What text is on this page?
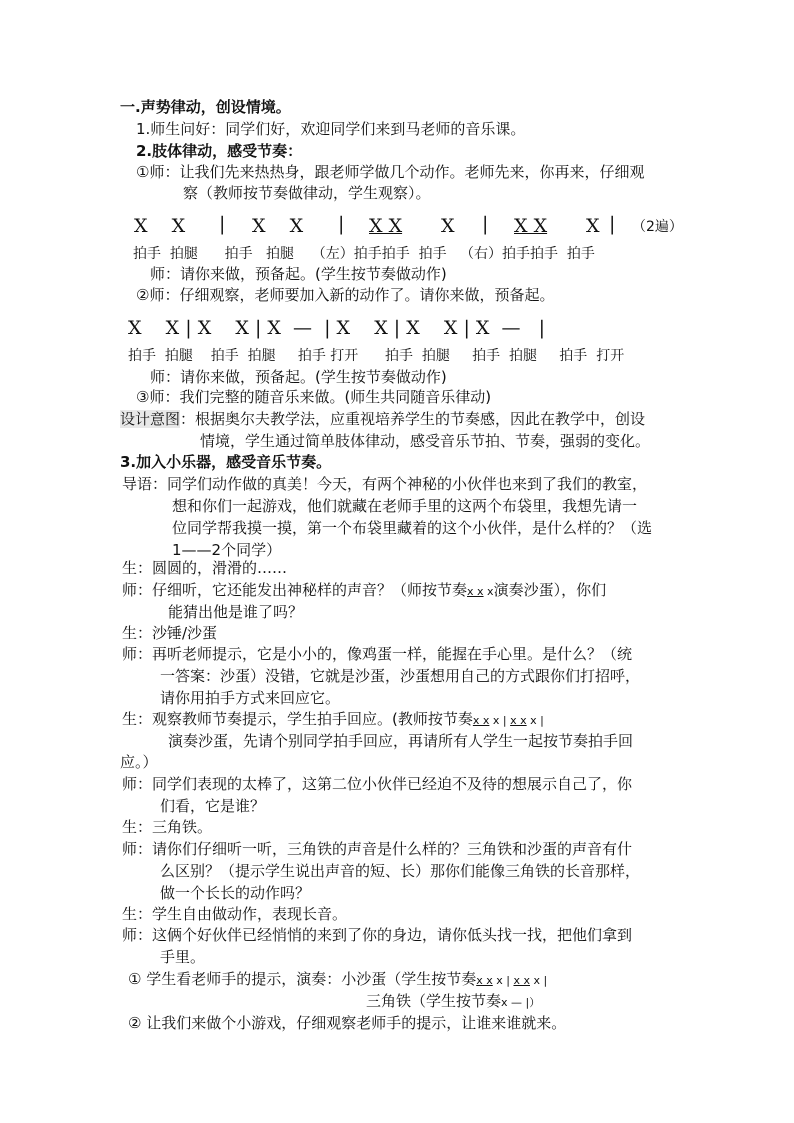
一.声势律动，创设情境。
1.师生问好：同学们好，欢迎同学们来到马老师的音乐课。
2.肢体律动，感受节奏：
①师：让我们先来热热身，跟老师学做几个动作。老师先来，你再来，仔细观
察（教师按节奏做律动，学生观察）。
X    X | X    X | X X X | X X X | （2遍）
拍手  拍腿      拍手   拍腿    （左）拍手拍手  拍手   （右）拍手拍手  拍手
师：请你来做，预备起。(学生按节奏做动作)
②师：仔细观察，老师要加入新的动作了。请你来做，预备起。
X    X | X    X | X  —  | X    X | X    X | X  —   |
拍手  拍腿    拍手  拍腿     拍手 打开      拍手  拍腿     拍手  拍腿     拍手  打开
师：请你来做，预备起。(学生按节奏做动作)
③师：我们完整的随音乐来做。(师生共同随音乐律动)
设计意图：根据奥尔夫教学法，应重视培养学生的节奏感，因此在教学中，创设
情境，学生通过简单肢体律动，感受音乐节拍、节奏，强弱的变化。
3.加入小乐器，感受音乐节奏。
导语：同学们动作做的真美！今天，有两个神秘的小伙伴也来到了我们的教室，
想和你们一起游戏，他们就藏在老师手里的这两个布袋里，我想先请一
位同学帮我摸一摸，第一个布袋里藏着的这个小伙伴，是什么样的？（选
1——2个同学）
生：圆圆的，滑滑的……
师：仔细听，它还能发出神秘样的声音？（师按节奏x x x演奏沙蛋），你们
能猜出他是谁了吗？
生：沙锤/沙蛋
师：再听老师提示，它是小小的，像鸡蛋一样，能握在手心里。是什么？（统
一答案：沙蛋）没错，它就是沙蛋，沙蛋想用自己的方式跟你们打招呼，
请你用拍手方式来回应它。
生：观察教师节奏提示，学生拍手回应。(教师按节奏x x x | x x x |
演奏沙蛋，先请个别同学拍手回应，再请所有人学生一起按节奏拍手回
应。）
师：同学们表现的太棒了，这第二位小伙伴已经迫不及待的想展示自己了，你
们看，它是谁？
生：三角铁。
师：请你们仔细听一听，三角铁的声音是什么样的？三角铁和沙蛋的声音有什
么区别？（提示学生说出声音的短、长）那你们能像三角铁的长音那样，
做一个长长的动作吗？
生：学生自由做动作，表现长音。
师：这俩个好伙伴已经悄悄的来到了你的身边，请你低头找一找，把他们拿到
手里。
① 学生看老师手的提示，演奏：小沙蛋（学生按节奏x x x | x x x |
三角铁（学生按节奏x — |）
② 让我们来做个小游戏，仔细观察老师手的提示，让谁来谁就来。
